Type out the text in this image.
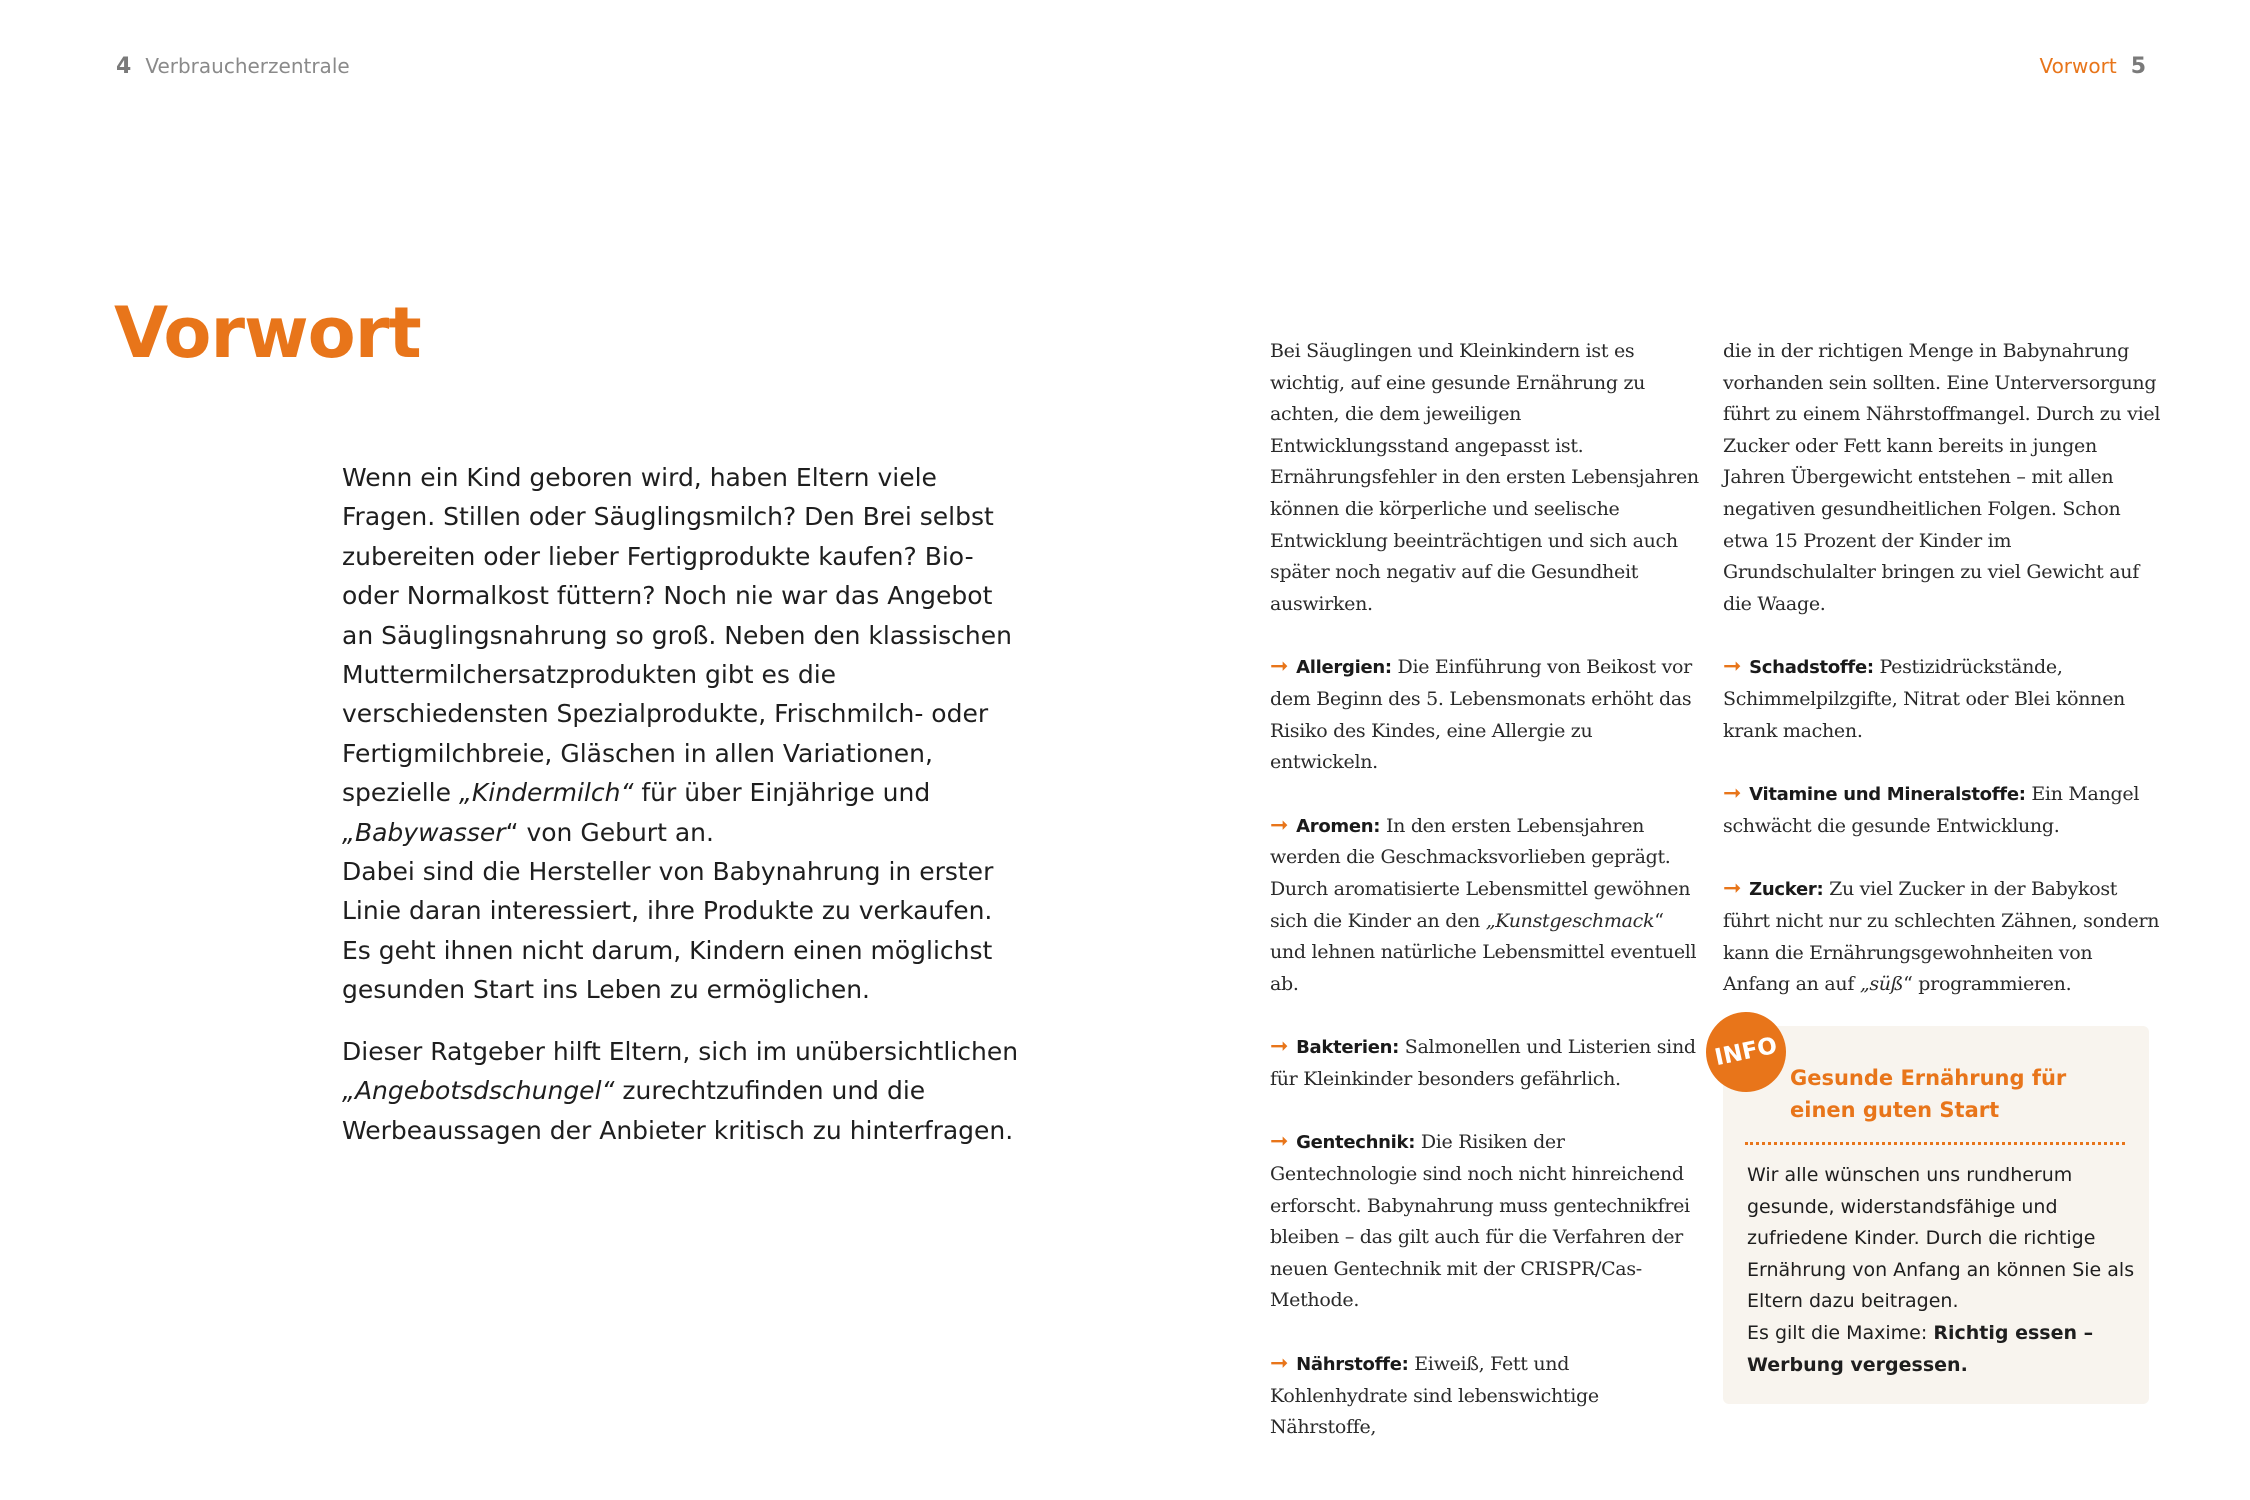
4 Verbraucherzentrale	Vorwort 5
Vorwort

Wenn ein Kind geboren wird, haben Eltern viele Fragen. Stillen oder Säuglingsmilch? Den Brei selbst zubereiten oder lieber Fertigprodukte kaufen? Bio- oder Normalkost füttern? Noch nie war das Angebot an Säuglingsnahrung so groß. Neben den klassischen Muttermilchersatzprodukten gibt es die verschiedensten Spezialprodukte, Frischmilch- oder Fertigmilchbreie, Gläschen in allen Variationen, spezielle „Kindermilch“ für über Einjährige und „Babywasser“ von Geburt an.
Dabei sind die Hersteller von Babynahrung in erster Linie daran interessiert, ihre Produkte zu verkaufen. Es geht ihnen nicht darum, Kindern einen möglichst gesunden Start ins Leben zu ermöglichen.

Dieser Ratgeber hilft Eltern, sich im unübersichtlichen „Angebotsdschungel“ zurechtzufinden und die Werbeaussagen der Anbieter kritisch zu hinterfragen.

Bei Säuglingen und Kleinkindern ist es wichtig, auf eine gesunde Ernährung zu achten, die dem jeweiligen Entwicklungsstand angepasst ist. Ernährungsfehler in den ersten Lebensjahren können die körperliche und seelische Entwicklung beeinträchtigen und sich auch später noch negativ auf die Gesundheit auswirken.

➞ Allergien: Die Einführung von Beikost vor dem Beginn des 5. Lebensmonats erhöht das Risiko des Kindes, eine Allergie zu entwickeln.

➞ Aromen: In den ersten Lebensjahren werden die Geschmacksvorlieben geprägt. Durch aromatisierte Lebensmittel gewöhnen sich die Kinder an den „Kunstgeschmack“ und lehnen natürliche Lebensmittel eventuell ab.

➞ Bakterien: Salmonellen und Listerien sind für Kleinkinder besonders gefährlich.

➞ Gentechnik: Die Risiken der Gentechnologie sind noch nicht hinreichend erforscht. Babynahrung muss gentechnikfrei bleiben – das gilt auch für die Verfahren der neuen Gentechnik mit der CRISPR/Cas-Methode.

➞ Nährstoffe: Eiweiß, Fett und Kohlenhydrate sind lebenswichtige Nährstoffe,

die in der richtigen Menge in Babynahrung vorhanden sein sollten. Eine Unterversorgung führt zu einem Nährstoffmangel. Durch zu viel Zucker oder Fett kann bereits in jungen Jahren Übergewicht entstehen – mit allen negativen gesundheitlichen Folgen. Schon etwa 15 Prozent der Kinder im Grundschulalter bringen zu viel Gewicht auf die Waage.

➞ Schadstoffe: Pestizidrückstände, Schimmelpilzgifte, Nitrat oder Blei können krank machen.

➞ Vitamine und Mineralstoffe: Ein Mangel schwächt die gesunde Entwicklung.

➞ Zucker: Zu viel Zucker in der Babykost führt nicht nur zu schlechten Zähnen, sondern kann die Ernährungsgewohnheiten von Anfang an auf „süß“ programmieren.

INFO
Gesunde Ernährung für einen guten Start
Wir alle wünschen uns rundherum gesunde, widerstandsfähige und zufriedene Kinder. Durch die richtige Ernährung von Anfang an können Sie als Eltern dazu beitragen.
Es gilt die Maxime: Richtig essen – Werbung vergessen.
